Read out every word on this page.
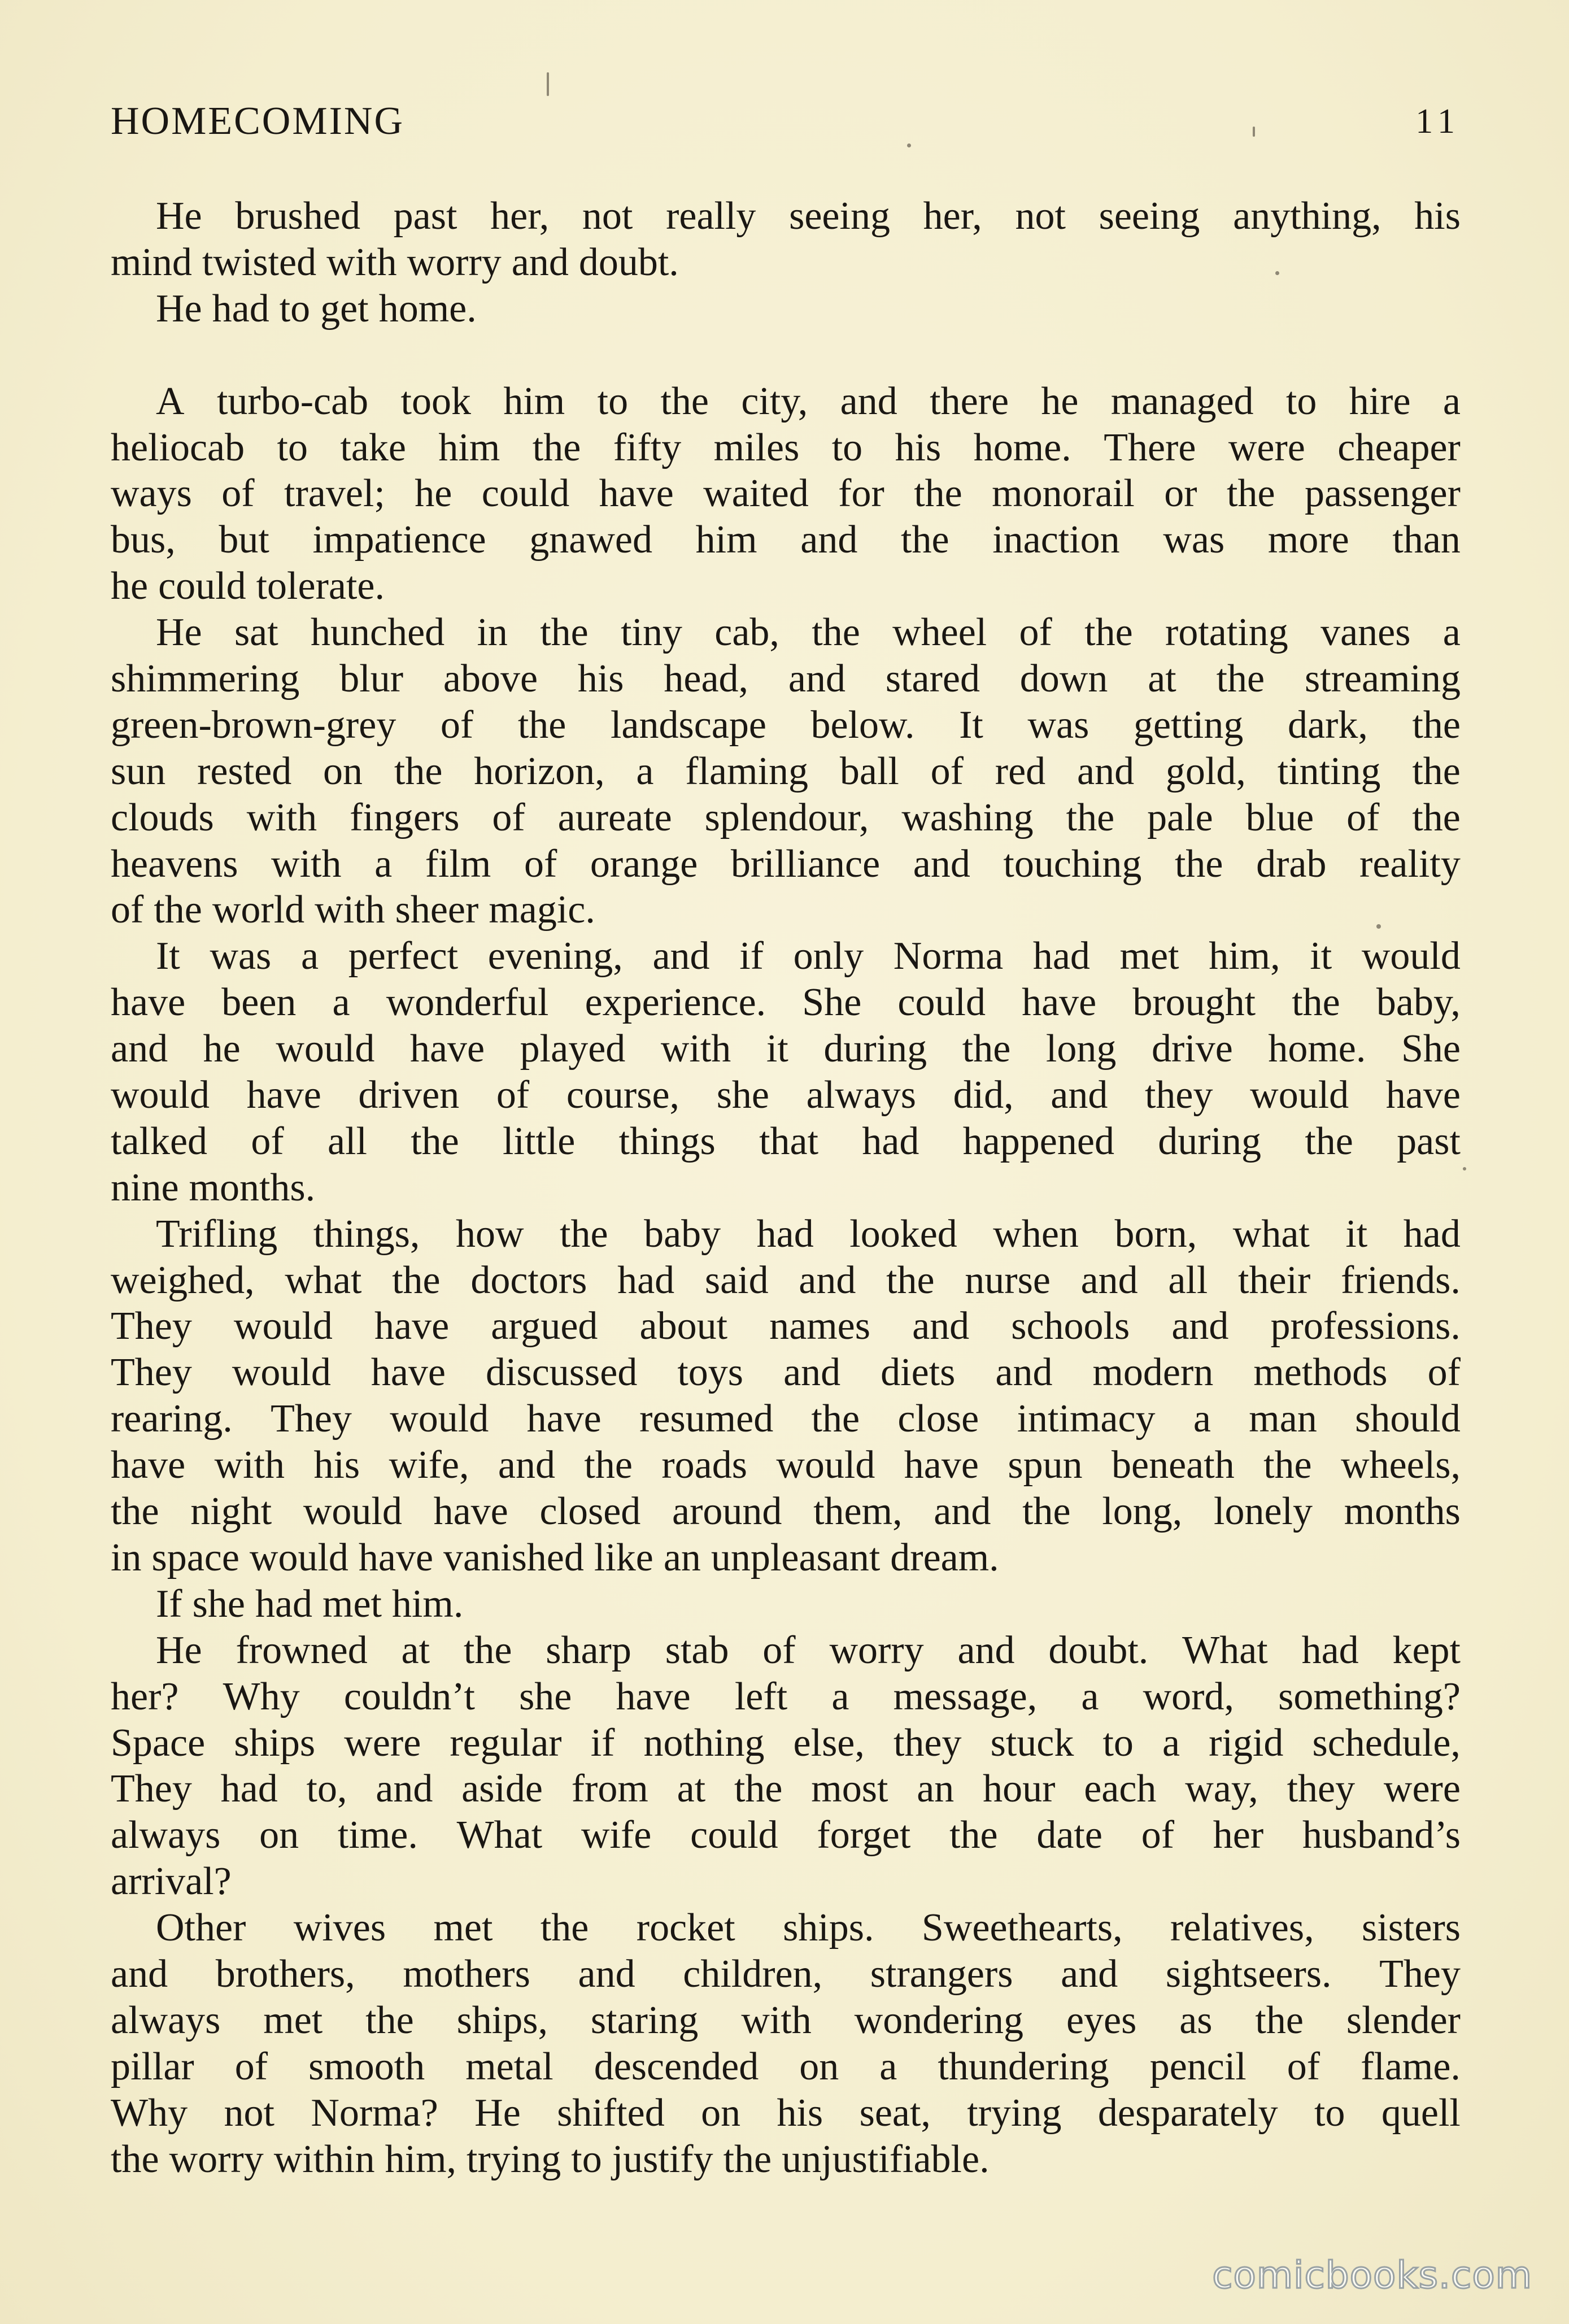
HOMECOMING	11
He brushed past her, not really seeing her, not seeing anything, his
mind twisted with worry and doubt.
He had to get home.
A turbo-cab took him to the city, and there he managed to hire a
heliocab to take him the fifty miles to his home. There were cheaper
ways of travel; he could have waited for the monorail or the passenger
bus, but impatience gnawed him and the inaction was more than
he could tolerate.
He sat hunched in the tiny cab, the wheel of the rotating vanes a
shimmering blur above his head, and stared down at the streaming
green-brown-grey of the landscape below. It was getting dark, the
sun rested on the horizon, a flaming ball of red and gold, tinting the
clouds with fingers of aureate splendour, washing the pale blue of the
heavens with a film of orange brilliance and touching the drab reality
of the world with sheer magic.
It was a perfect evening, and if only Norma had met him, it would
have been a wonderful experience. She could have brought the baby,
and he would have played with it during the long drive home. She
would have driven of course, she always did, and they would have
talked of all the little things that had happened during the past
nine months.
Trifling things, how the baby had looked when born, what it had
weighed, what the doctors had said and the nurse and all their friends.
They would have argued about names and schools and professions.
They would have discussed toys and diets and modern methods of
rearing. They would have resumed the close intimacy a man should
have with his wife, and the roads would have spun beneath the wheels,
the night would have closed around them, and the long, lonely months
in space would have vanished like an unpleasant dream.
If she had met him.
He frowned at the sharp stab of worry and doubt. What had kept
her? Why couldn’t she have left a message, a word, something?
Space ships were regular if nothing else, they stuck to a rigid schedule,
They had to, and aside from at the most an hour each way, they were
always on time. What wife could forget the date of her husband’s
arrival?
Other wives met the rocket ships. Sweethearts, relatives, sisters
and brothers, mothers and children, strangers and sightseers. They
always met the ships, staring with wondering eyes as the slender
pillar of smooth metal descended on a thundering pencil of flame.
Why not Norma? He shifted on his seat, trying desparately to quell
the worry within him, trying to justify the unjustifiable.
comicbooks.com
